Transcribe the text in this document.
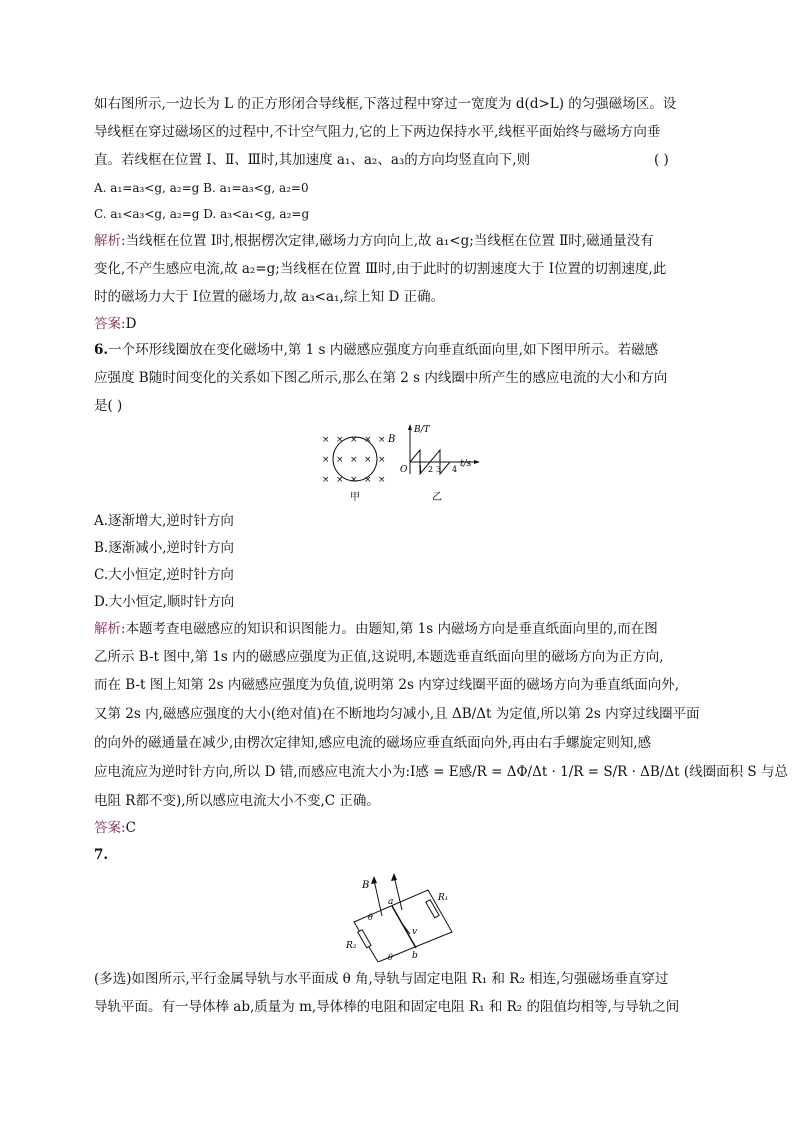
如右图所示,一边长为 L 的正方形闭合导线框,下落过程中穿过一宽度为 d(d>L) 的匀强磁场区。设
导线框在穿过磁场区的过程中,不计空气阻力,它的上下两边保持水平,线框平面始终与磁场方向垂
直。若线框在位置 Ⅰ、Ⅱ、Ⅲ时,其加速度 a₁、a₂、a₃的方向均竖直向下,则	( )
A. a₁=a₃<g, a₂=g B. a₁=a₃<g, a₂=0
C. a₁<a₃<g, a₂=g D. a₃<a₁<g, a₂=g
解析:当线框在位置 Ⅰ时,根据楞次定律,磁场力方向向上,故 a₁<g;当线框在位置 Ⅱ时,磁通量没有
变化,不产生感应电流,故 a₂=g;当线框在位置 Ⅲ时,由于此时的切割速度大于 Ⅰ位置的切割速度,此
时的磁场力大于 Ⅰ位置的磁场力,故 a₃<a₁,综上知 D 正确。
答案:D
6.一个环形线圈放在变化磁场中,第 1 s 内磁感应强度方向垂直纸面向里,如下图甲所示。若磁感
应强度 B随时间变化的关系如下图乙所示,那么在第 2 s 内线圈中所产生的感应电流的大小和方向
是( )
× × × × ×
× × × × ×
× × × × ×
B
甲
B/T
O 1 2 3 4
t/s
乙
A.逐渐增大,逆时针方向
B.逐渐减小,逆时针方向
C.大小恒定,逆时针方向
D.大小恒定,顺时针方向
解析:本题考查电磁感应的知识和识图能力。由题知,第 1s 内磁场方向是垂直纸面向里的,而在图
乙所示 B-t 图中,第 1s 内的磁感应强度为正值,这说明,本题选垂直纸面向里的磁场方向为正方向,
而在 B-t 图上知第 2s 内磁感应强度为负值,说明第 2s 内穿过线圈平面的磁场方向为垂直纸面向外,
又第 2s 内,磁感应强度的大小(绝对值)在不断地均匀减小,且 ΔB/Δt 为定值,所以第 2s 内穿过线圈平面
的向外的磁通量在减少,由楞次定律知,感应电流的磁场应垂直纸面向外,再由右手螺旋定则知,感
应电流应为逆时针方向,所以 D 错,而感应电流大小为:I感 = E感/R = ΔΦ/Δt · 1/R = S/R · ΔB/Δt (线圈面积 S 与总
电阻 R都不变),所以感应电流大小不变,C 正确。
答案:C
7.
B
a
b
v
R₁
R₂
θ
θ
(多选)如图所示,平行金属导轨与水平面成 θ 角,导轨与固定电阻 R₁ 和 R₂ 相连,匀强磁场垂直穿过
导轨平面。有一导体棒 ab,质量为 m,导体棒的电阻和固定电阻 R₁ 和 R₂ 的阻值均相等,与导轨之间
